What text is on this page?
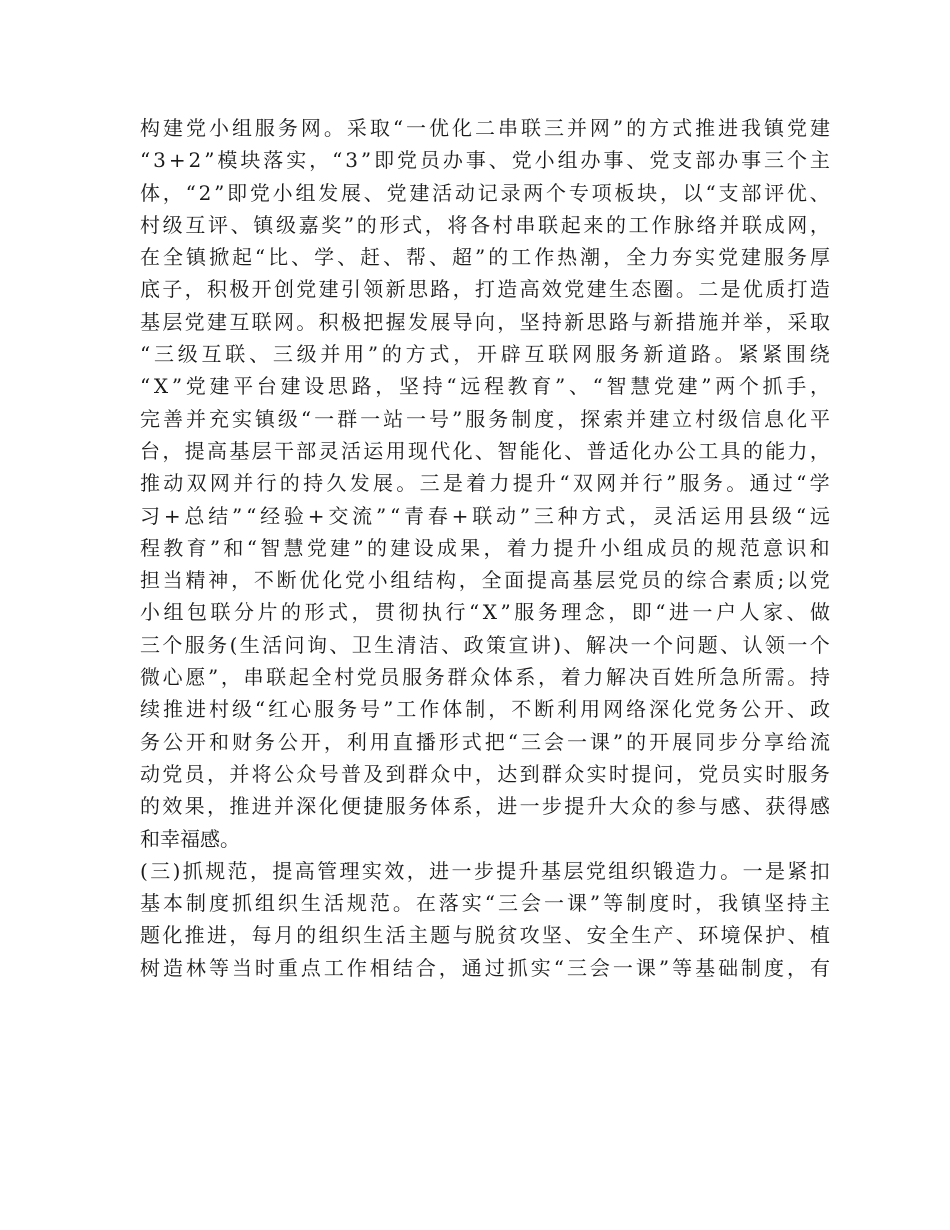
构 建 党 小 组 服 务 网 。 采 取 “ 一 优 化 二 串 联 三 并 网 ” 的 方 式 推 进 我 镇 党 建
“ 3 + 2 ” 模 块 落 实 ， “ 3 ” 即 党 员 办 事 、 党 小 组 办 事 、 党 支 部 办 事 三 个 主
体 ， “ 2 ” 即 党 小 组 发 展 、 党 建 活 动 记 录 两 个 专 项 板 块 ， 以 “ 支 部 评 优 、
村 级 互 评 、 镇 级 嘉 奖 ” 的 形 式 ， 将 各 村 串 联 起 来 的 工 作 脉 络 并 联 成 网 ，
在 全 镇 掀 起 “ 比 、 学 、 赶 、 帮 、 超 ” 的 工 作 热 潮 ， 全 力 夯 实 党 建 服 务 厚
底 子 ， 积 极 开 创 党 建 引 领 新 思 路 ， 打 造 高 效 党 建 生 态 圈 。 二 是 优 质 打 造
基 层 党 建 互 联 网 。 积 极 把 握 发 展 导 向 ， 坚 持 新 思 路 与 新 措 施 并 举 ， 采 取
“ 三 级 互 联 、 三 级 并 用 ” 的 方 式 ， 开 辟 互 联 网 服 务 新 道 路 。 紧 紧 围 绕
“ X ” 党 建 平 台 建 设 思 路 ， 坚 持 “ 远 程 教 育 ” 、 “ 智 慧 党 建 ” 两 个 抓 手 ，
完 善 并 充 实 镇 级 “ 一 群 一 站 一 号 ” 服 务 制 度 ， 探 索 并 建 立 村 级 信 息 化 平
台 ， 提 高 基 层 干 部 灵 活 运 用 现 代 化 、 智 能 化 、 普 适 化 办 公 工 具 的 能 力 ，
推 动 双 网 并 行 的 持 久 发 展 。 三 是 着 力 提 升 “ 双 网 并 行 ” 服 务 。 通 过 “ 学
习 + 总 结 ” “ 经 验 + 交 流 ” “ 青 春 + 联 动 ” 三 种 方 式 ， 灵 活 运 用 县 级 “ 远
程 教 育 ” 和 “ 智 慧 党 建 ” 的 建 设 成 果 ， 着 力 提 升 小 组 成 员 的 规 范 意 识 和
担 当 精 神 ， 不 断 优 化 党 小 组 结 构 ， 全 面 提 高 基 层 党 员 的 综 合 素 质 ; 以 党
小 组 包 联 分 片 的 形 式 ， 贯 彻 执 行 “ X ” 服 务 理 念 ， 即 “ 进 一 户 人 家 、 做
三 个 服 务 ( 生 活 问 询 、 卫 生 清 洁 、 政 策 宣 讲 ) 、 解 决 一 个 问 题 、 认 领 一 个
微 心 愿 ” ， 串 联 起 全 村 党 员 服 务 群 众 体 系 ， 着 力 解 决 百 姓 所 急 所 需 。 持
续 推 进 村 级 “ 红 心 服 务 号 ” 工 作 体 制 ， 不 断 利 用 网 络 深 化 党 务 公 开 、 政
务 公 开 和 财 务 公 开 ， 利 用 直 播 形 式 把 “ 三 会 一 课 ” 的 开 展 同 步 分 享 给 流
动 党 员 ， 并 将 公 众 号 普 及 到 群 众 中 ， 达 到 群 众 实 时 提 问 ， 党 员 实 时 服 务
的 效 果 ， 推 进 并 深 化 便 捷 服 务 体 系 ， 进 一 步 提 升 大 众 的 参 与 感 、 获 得 感
和幸福感。
( 三 ) 抓 规 范 ， 提 高 管 理 实 效 ， 进 一 步 提 升 基 层 党 组 织 锻 造 力 。 一 是 紧 扣
基 本 制 度 抓 组 织 生 活 规 范 。 在 落 实 “ 三 会 一 课 ” 等 制 度 时 ， 我 镇 坚 持 主
题 化 推 进 ， 每 月 的 组 织 生 活 主 题 与 脱 贫 攻 坚 、 安 全 生 产 、 环 境 保 护 、 植
树 造 林 等 当 时 重 点 工 作 相 结 合 ， 通 过 抓 实 “ 三 会 一 课 ” 等 基 础 制 度 ， 有
